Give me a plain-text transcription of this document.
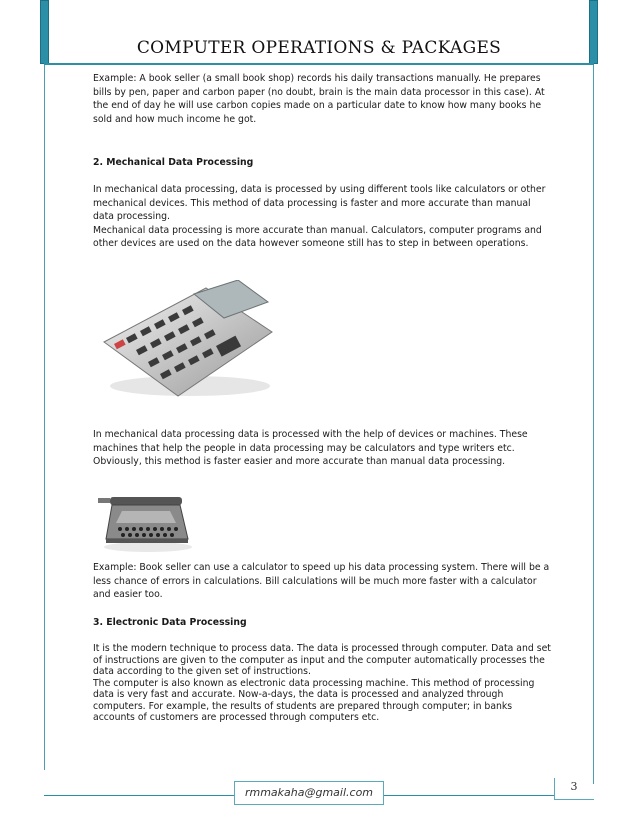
COMPUTER OPERATIONS & PACKAGES

Example: A book seller (a small book shop) records his daily transactions manually. He prepares bills by pen, paper and carbon paper (no doubt, brain is the main data processor in this case). At the end of day he will use carbon copies made on a particular date to know how many books he sold and how much income he got.

2. Mechanical Data Processing

In mechanical data processing, data is processed by using different tools like calculators or other mechanical devices. This method of data processing is faster and more accurate than manual data processing.

Mechanical data processing is more accurate than manual. Calculators, computer programs and other devices are used on the data however someone still has to step in between operations.

In mechanical data processing data is processed with the help of devices or machines. These machines that help the people in data processing may be calculators and type writers etc. Obviously, this method is faster easier and more accurate than manual data processing.

Example: Book seller can use a calculator to speed up his data processing system. There will be a less chance of errors in calculations. Bill calculations will be much more faster with a calculator and easier too.

3. Electronic Data Processing

It is the modern technique to process data. The data is processed through computer. Data and set of instructions are given to the computer as input and the computer automatically processes the data according to the given set of instructions.

The computer is also known as electronic data processing machine. This method of processing data is very fast and accurate. Now-a-days, the data is processed and analyzed through computers. For example, the results of students are prepared through computer; in banks accounts of customers are processed through computers etc.

rmmakaha@gmail.com	3
